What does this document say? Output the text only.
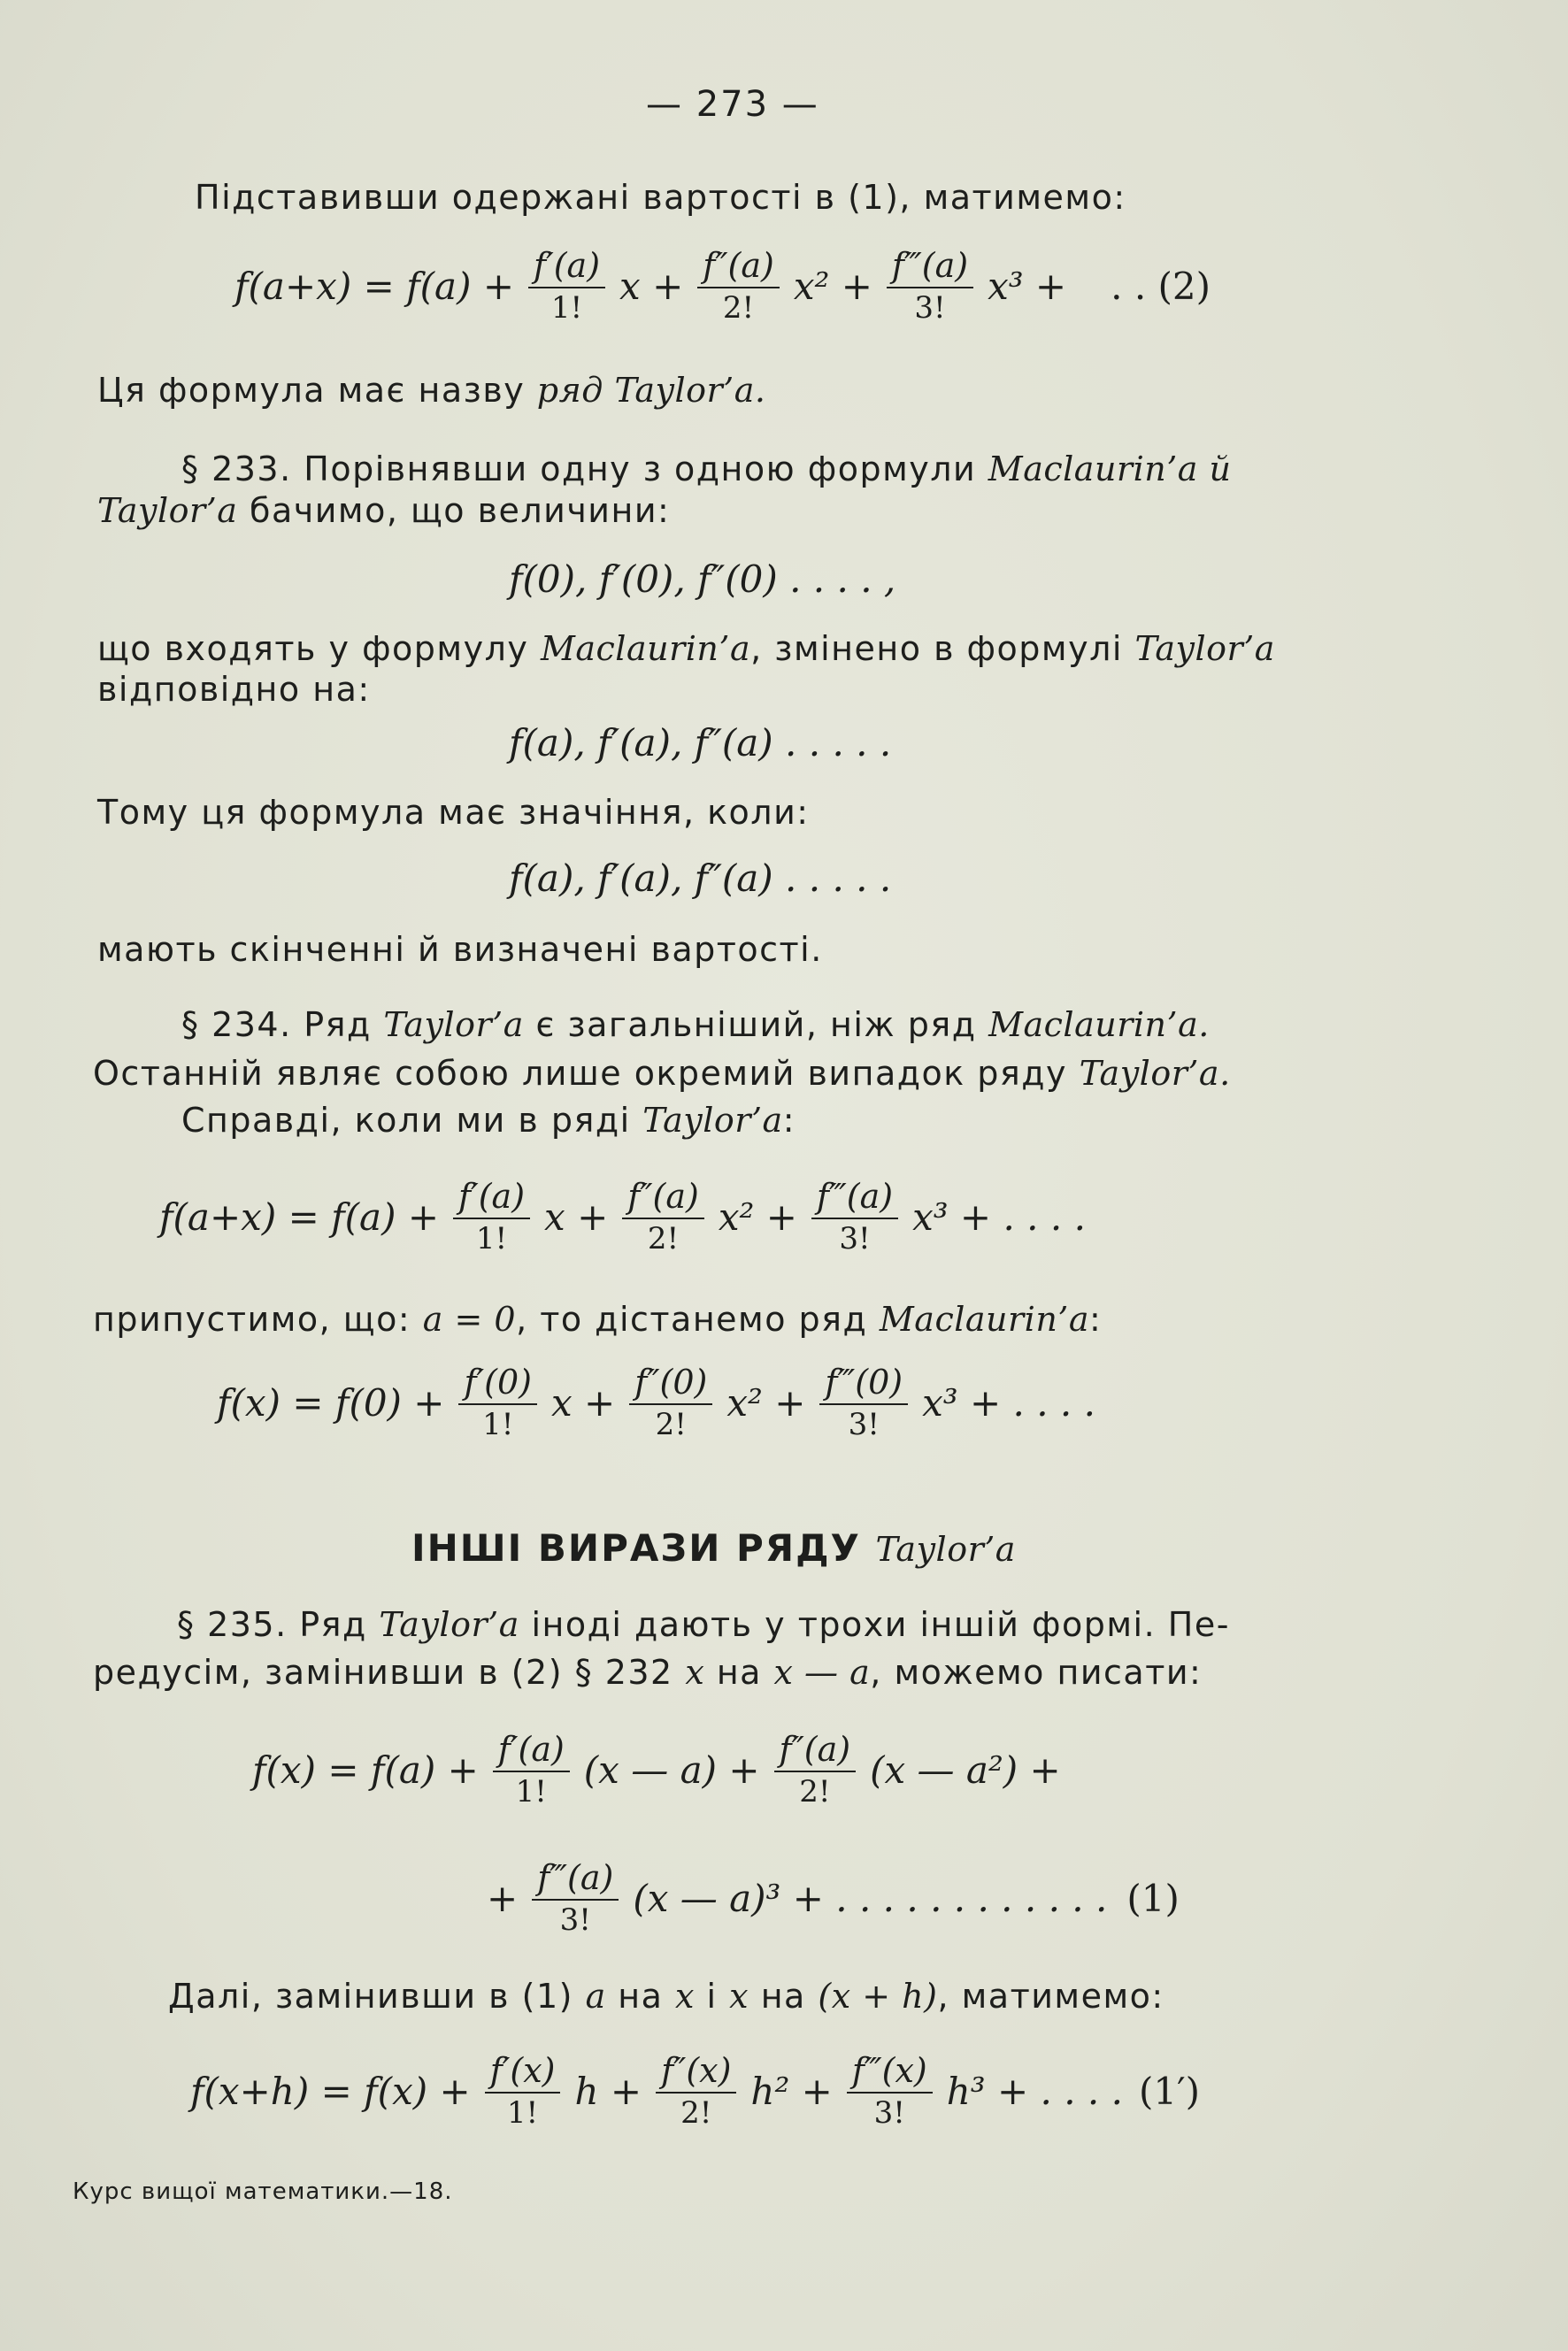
— 273 —
Підставивши одержані вартості в (1), матимемо:
$f(a+x) = f(a) + \frac{f'(a)}{1!}$ $x + \frac{f''(a)}{2!} x^2 + \frac{f‴(a)}{3!} x^3$ + . . (2)
Ця формула має назву ряд Taylor’a.
§ 233. Порівнявши одну з одною формули Maclaurin’a й
Taylor’a бачимо, що величини:
f(0), f′(0), f″(0) . . . . ,
що входять у формулу Maclaurin’a, змінено в формулі Taylor’a
відповідно на:
f(a), f′(a), f″(a) . . . . .
Тому ця формула має значіння, коли:
f(a), f′(a), f″(a) . . . . .
мають скінченні й визначені вартості.
§ 234. Ряд Taylor’a є загальніший, ніж ряд Maclaurin’a.
Останній являє собою лише окремий випадок ряду Taylor’a.
Справді, коли ми в ряді Taylor’a:
$f(a+x) = f(a) + \frac{f'(a)}{1!}$ $x + \frac{f''(a)}{2!} x^2 + \frac{f‴(a)}{3!} x^3$ + . . . .
припустимо, що: a = 0, то дістанемо ряд Maclaurin’a:
$f(x) = f(0) + \frac{f'(0)}{1!}$ $x + \frac{f''(0)}{2!} x^2 + \frac{f‴(0)}{3!} x^3$ + . . . .
ІНШІ ВИРАЗИ РЯДУ Taylor’a
§ 235. Ряд Taylor’a іноді дають у трохи іншій формі. Пе-
редусім, замінивши в (2) § 232 x на x — a, можемо писати:
$f(x) = f(a) + \frac{f'(a)}{1!} (x$ — $a) + \frac{f''(a)}{2!} (x$ — a²) +
+ $\frac{f‴(a)}{3!} (x$ — a)³ + . . . . . . . . . . . . (1)
Далі, замінивши в (1) a на x і x на (x + h), матимемо:
$f(x+h) = f(x) + \frac{f'(x)}{1!}$ $h + \frac{f''(x)}{2!} h^2 + \frac{f‴(x)}{3!} h^3$ + . . . . (1′)
Курс вищої математики.—18.
